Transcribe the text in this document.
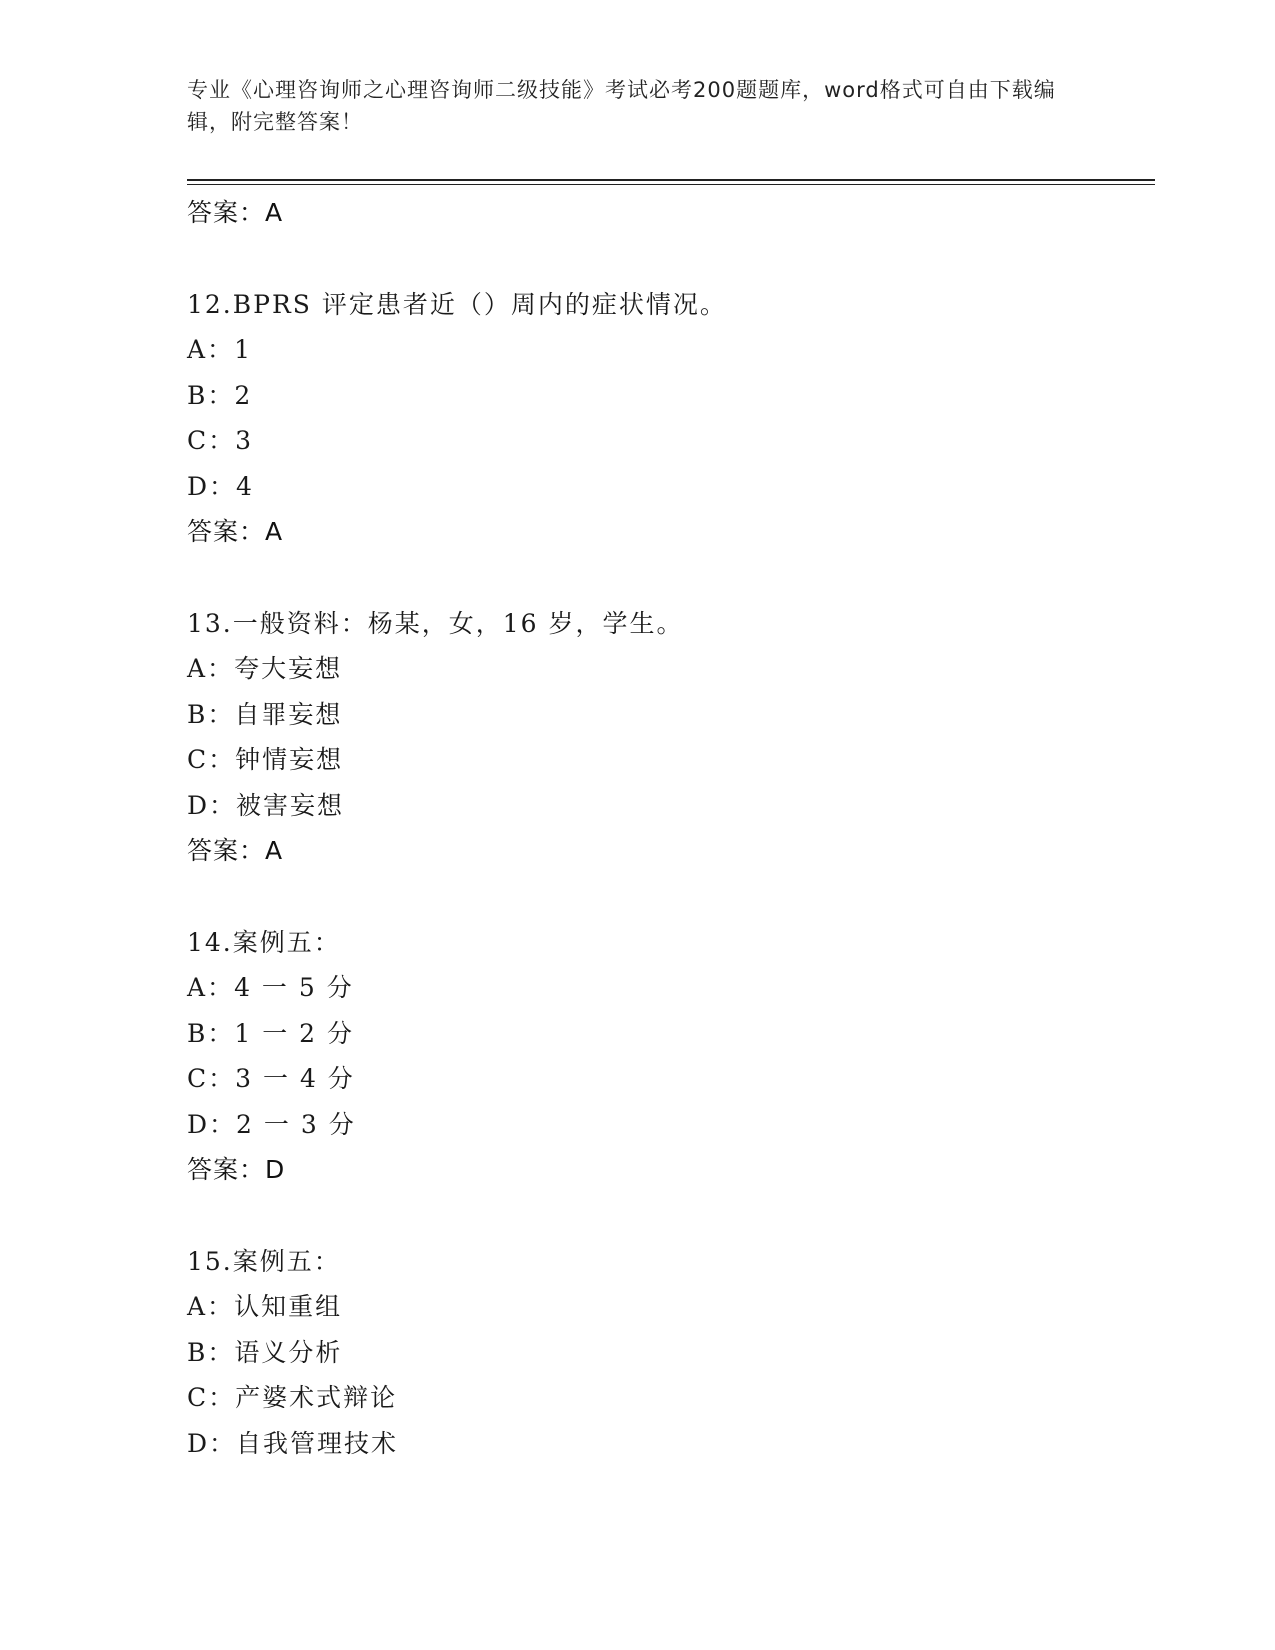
专业《心理咨询师之心理咨询师二级技能》考试必考200题题库，word格式可自由下载编辑，附完整答案！
答案：A
12.BPRS 评定患者近（）周内的症状情况。
A：1
B：2
C：3
D：4
答案：A
13.一般资料：杨某，女，16 岁，学生。
A：夸大妄想
B：自罪妄想
C：钟情妄想
D：被害妄想
答案：A
14.案例五：
A：4 一 5 分
B：1 一 2 分
C：3 一 4 分
D：2 一 3 分
答案：D
15.案例五：
A：认知重组
B：语义分析
C：产婆术式辩论
D：自我管理技术
